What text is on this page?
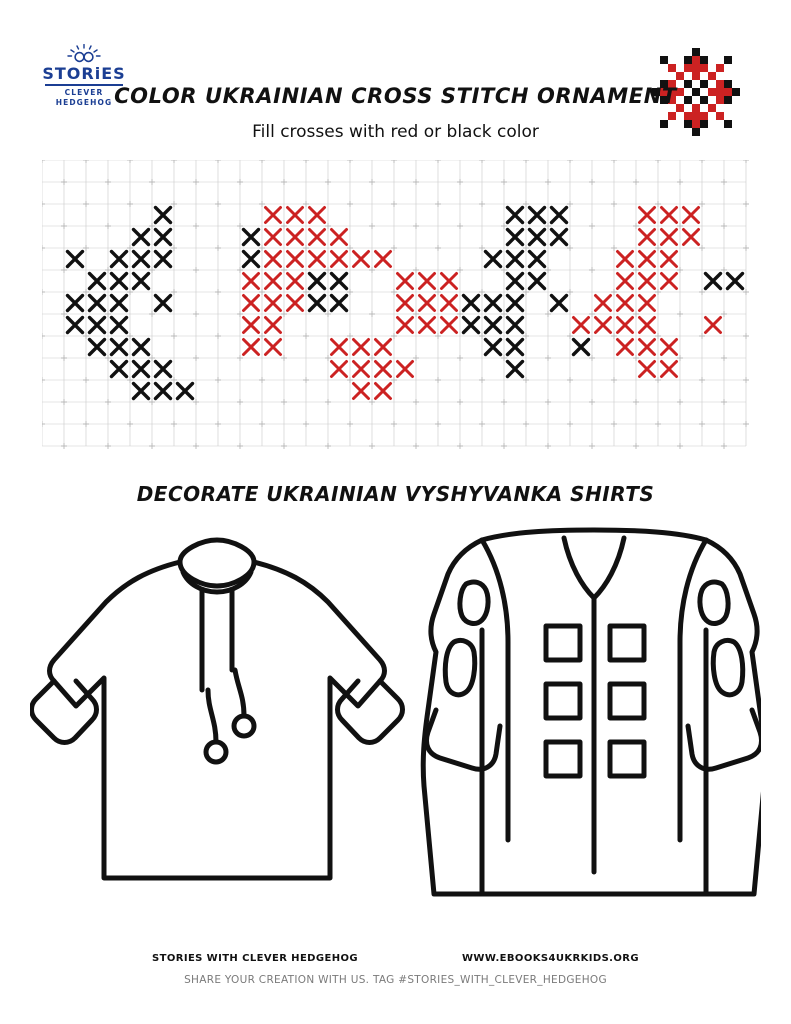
STORiES
CLEVER
HEDGEHOG COLOR UKRAINIAN CROSS STITCH ORNAMENT
Fill crosses with red or black color
DECORATE UKRAINIAN VYSHYVANKA SHIRTS
STORIES WITH CLEVER HEDGEHOG	WWW.EBOOKS4UKRKIDS.ORG
SHARE YOUR CREATION WITH US. TAG #STORIES_WITH_CLEVER_HEDGEHOG
